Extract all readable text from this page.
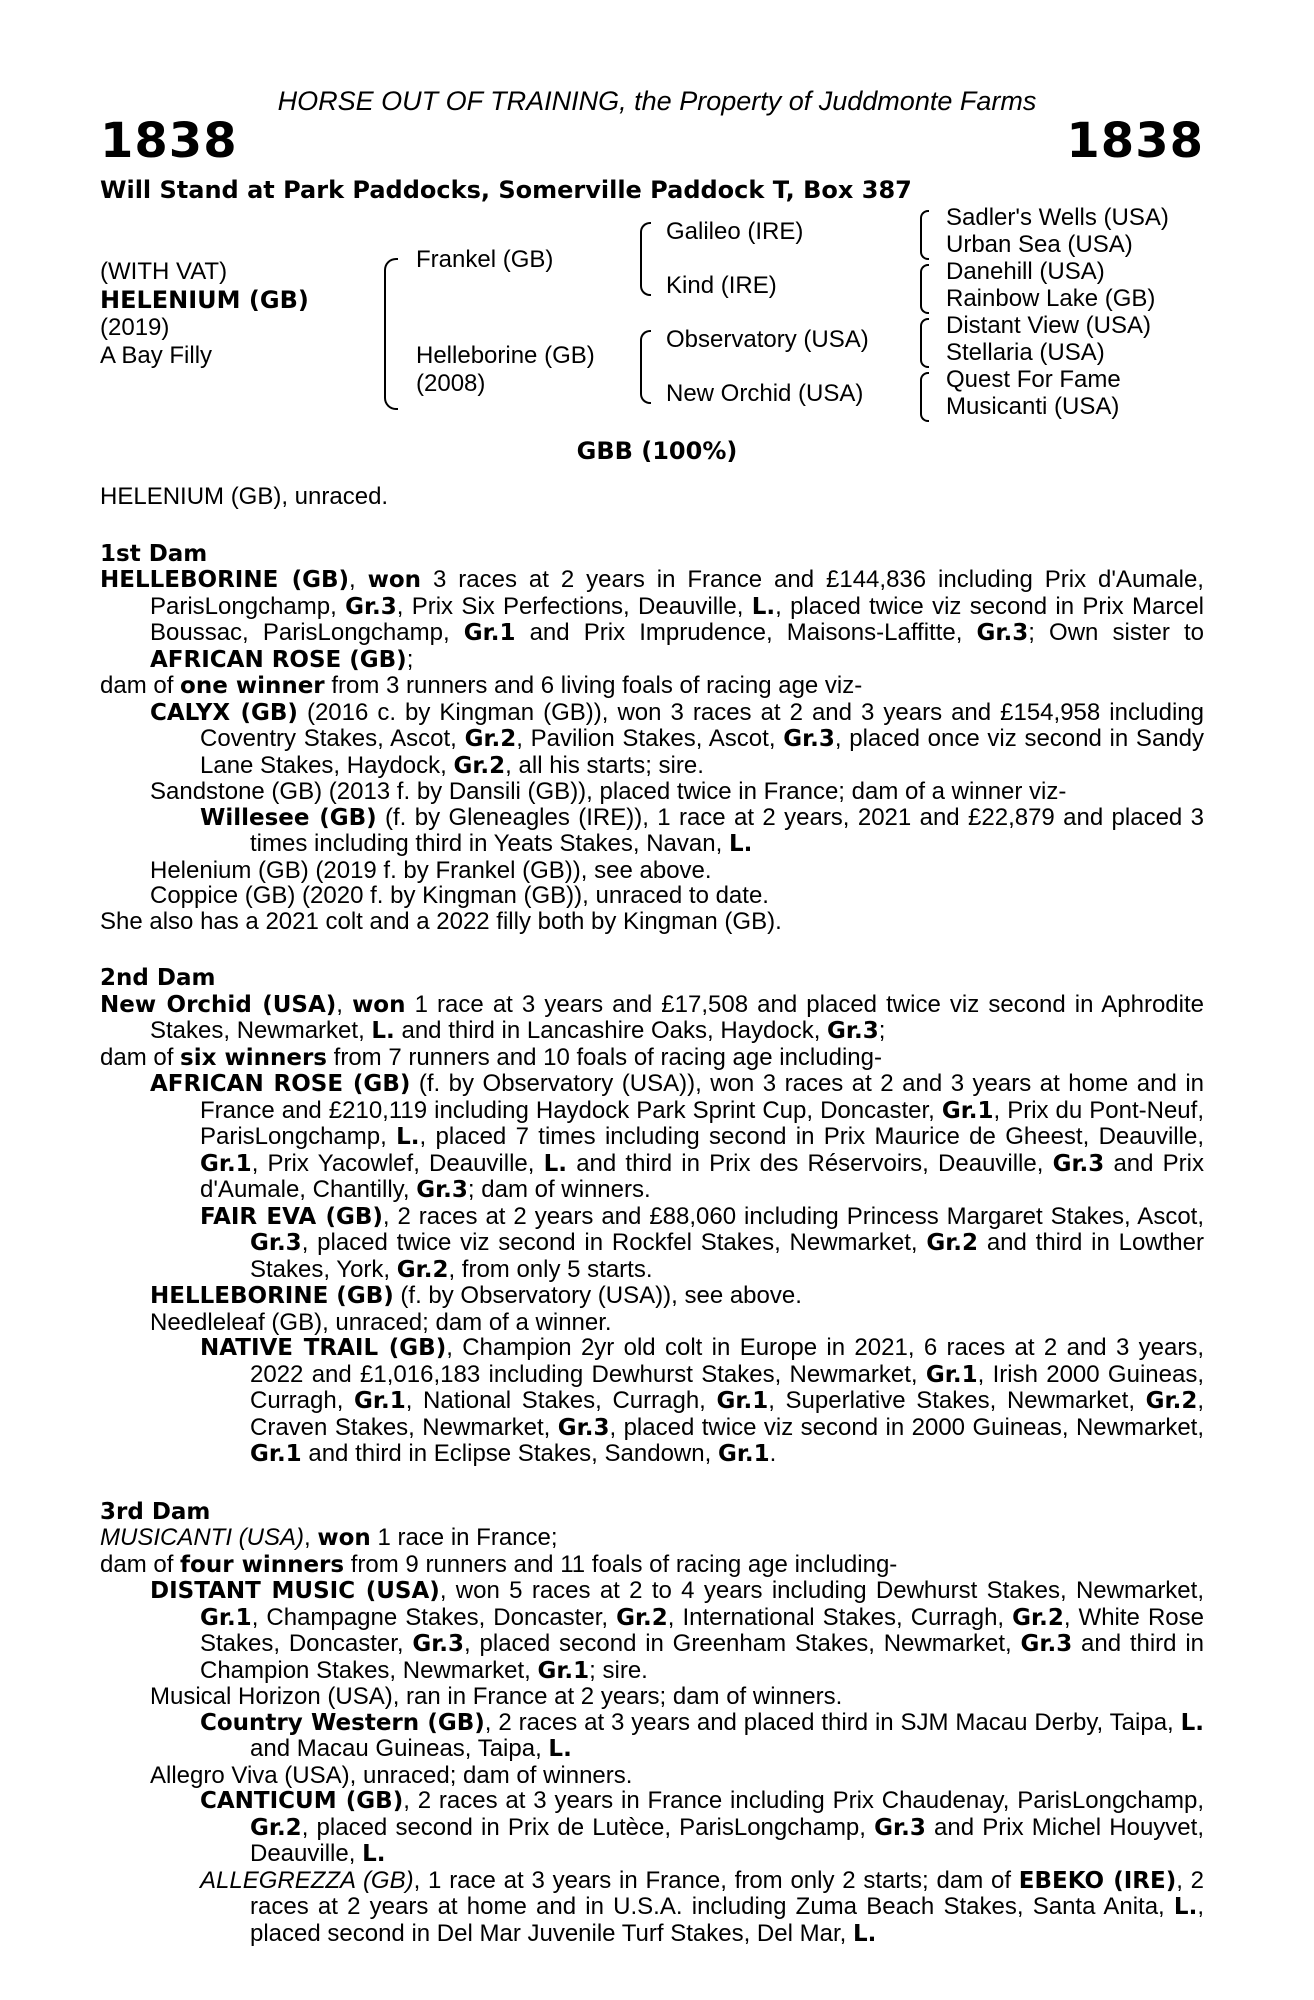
HORSE OUT OF TRAINING, the Property of Juddmonte Farms
1838	1838
Will Stand at Park Paddocks, Somerville Paddock T, Box 387
(WITH VAT)
HELENIUM (GB)
(2019)
A Bay Filly
Frankel (GB)
Helleborine (GB)
(2008)
Galileo (IRE)
Kind (IRE)
Observatory (USA)
New Orchid (USA)
Sadler's Wells (USA)
Urban Sea (USA)
Danehill (USA)
Rainbow Lake (GB)
Distant View (USA)
Stellaria (USA)
Quest For Fame
Musicanti (USA)
GBB (100%)
HELENIUM (GB), unraced.
1st Dam
HELLEBORINE (GB), won 3 races at 2 years in France and £144,836 including Prix d'Aumale, ParisLongchamp, Gr.3, Prix Six Perfections, Deauville, L., placed twice viz second in Prix Marcel Boussac, ParisLongchamp, Gr.1 and Prix Imprudence, Maisons-Laffitte, Gr.3; Own sister to AFRICAN ROSE (GB);
dam of one winner from 3 runners and 6 living foals of racing age viz-
CALYX (GB) (2016 c. by Kingman (GB)), won 3 races at 2 and 3 years and £154,958 including Coventry Stakes, Ascot, Gr.2, Pavilion Stakes, Ascot, Gr.3, placed once viz second in Sandy Lane Stakes, Haydock, Gr.2, all his starts; sire.
Sandstone (GB) (2013 f. by Dansili (GB)), placed twice in France; dam of a winner viz-
Willesee (GB) (f. by Gleneagles (IRE)), 1 race at 2 years, 2021 and £22,879 and placed 3 times including third in Yeats Stakes, Navan, L.
Helenium (GB) (2019 f. by Frankel (GB)), see above.
Coppice (GB) (2020 f. by Kingman (GB)), unraced to date.
She also has a 2021 colt and a 2022 filly both by Kingman (GB).
2nd Dam
New Orchid (USA), won 1 race at 3 years and £17,508 and placed twice viz second in Aphrodite Stakes, Newmarket, L. and third in Lancashire Oaks, Haydock, Gr.3;
dam of six winners from 7 runners and 10 foals of racing age including-
AFRICAN ROSE (GB) (f. by Observatory (USA)), won 3 races at 2 and 3 years at home and in France and £210,119 including Haydock Park Sprint Cup, Doncaster, Gr.1, Prix du Pont-Neuf, ParisLongchamp, L., placed 7 times including second in Prix Maurice de Gheest, Deauville, Gr.1, Prix Yacowlef, Deauville, L. and third in Prix des Réservoirs, Deauville, Gr.3 and Prix d'Aumale, Chantilly, Gr.3; dam of winners.
FAIR EVA (GB), 2 races at 2 years and £88,060 including Princess Margaret Stakes, Ascot, Gr.3, placed twice viz second in Rockfel Stakes, Newmarket, Gr.2 and third in Lowther Stakes, York, Gr.2, from only 5 starts.
HELLEBORINE (GB) (f. by Observatory (USA)), see above.
Needleleaf (GB), unraced; dam of a winner.
NATIVE TRAIL (GB), Champion 2yr old colt in Europe in 2021, 6 races at 2 and 3 years, 2022 and £1,016,183 including Dewhurst Stakes, Newmarket, Gr.1, Irish 2000 Guineas, Curragh, Gr.1, National Stakes, Curragh, Gr.1, Superlative Stakes, Newmarket, Gr.2, Craven Stakes, Newmarket, Gr.3, placed twice viz second in 2000 Guineas, Newmarket, Gr.1 and third in Eclipse Stakes, Sandown, Gr.1.
3rd Dam
MUSICANTI (USA), won 1 race in France;
dam of four winners from 9 runners and 11 foals of racing age including-
DISTANT MUSIC (USA), won 5 races at 2 to 4 years including Dewhurst Stakes, Newmarket, Gr.1, Champagne Stakes, Doncaster, Gr.2, International Stakes, Curragh, Gr.2, White Rose Stakes, Doncaster, Gr.3, placed second in Greenham Stakes, Newmarket, Gr.3 and third in Champion Stakes, Newmarket, Gr.1; sire.
Musical Horizon (USA), ran in France at 2 years; dam of winners.
Country Western (GB), 2 races at 3 years and placed third in SJM Macau Derby, Taipa, L. and Macau Guineas, Taipa, L.
Allegro Viva (USA), unraced; dam of winners.
CANTICUM (GB), 2 races at 3 years in France including Prix Chaudenay, ParisLongchamp, Gr.2, placed second in Prix de Lutèce, ParisLongchamp, Gr.3 and Prix Michel Houyvet, Deauville, L.
ALLEGREZZA (GB), 1 race at 3 years in France, from only 2 starts; dam of EBEKO (IRE), 2 races at 2 years at home and in U.S.A. including Zuma Beach Stakes, Santa Anita, L., placed second in Del Mar Juvenile Turf Stakes, Del Mar, L.
